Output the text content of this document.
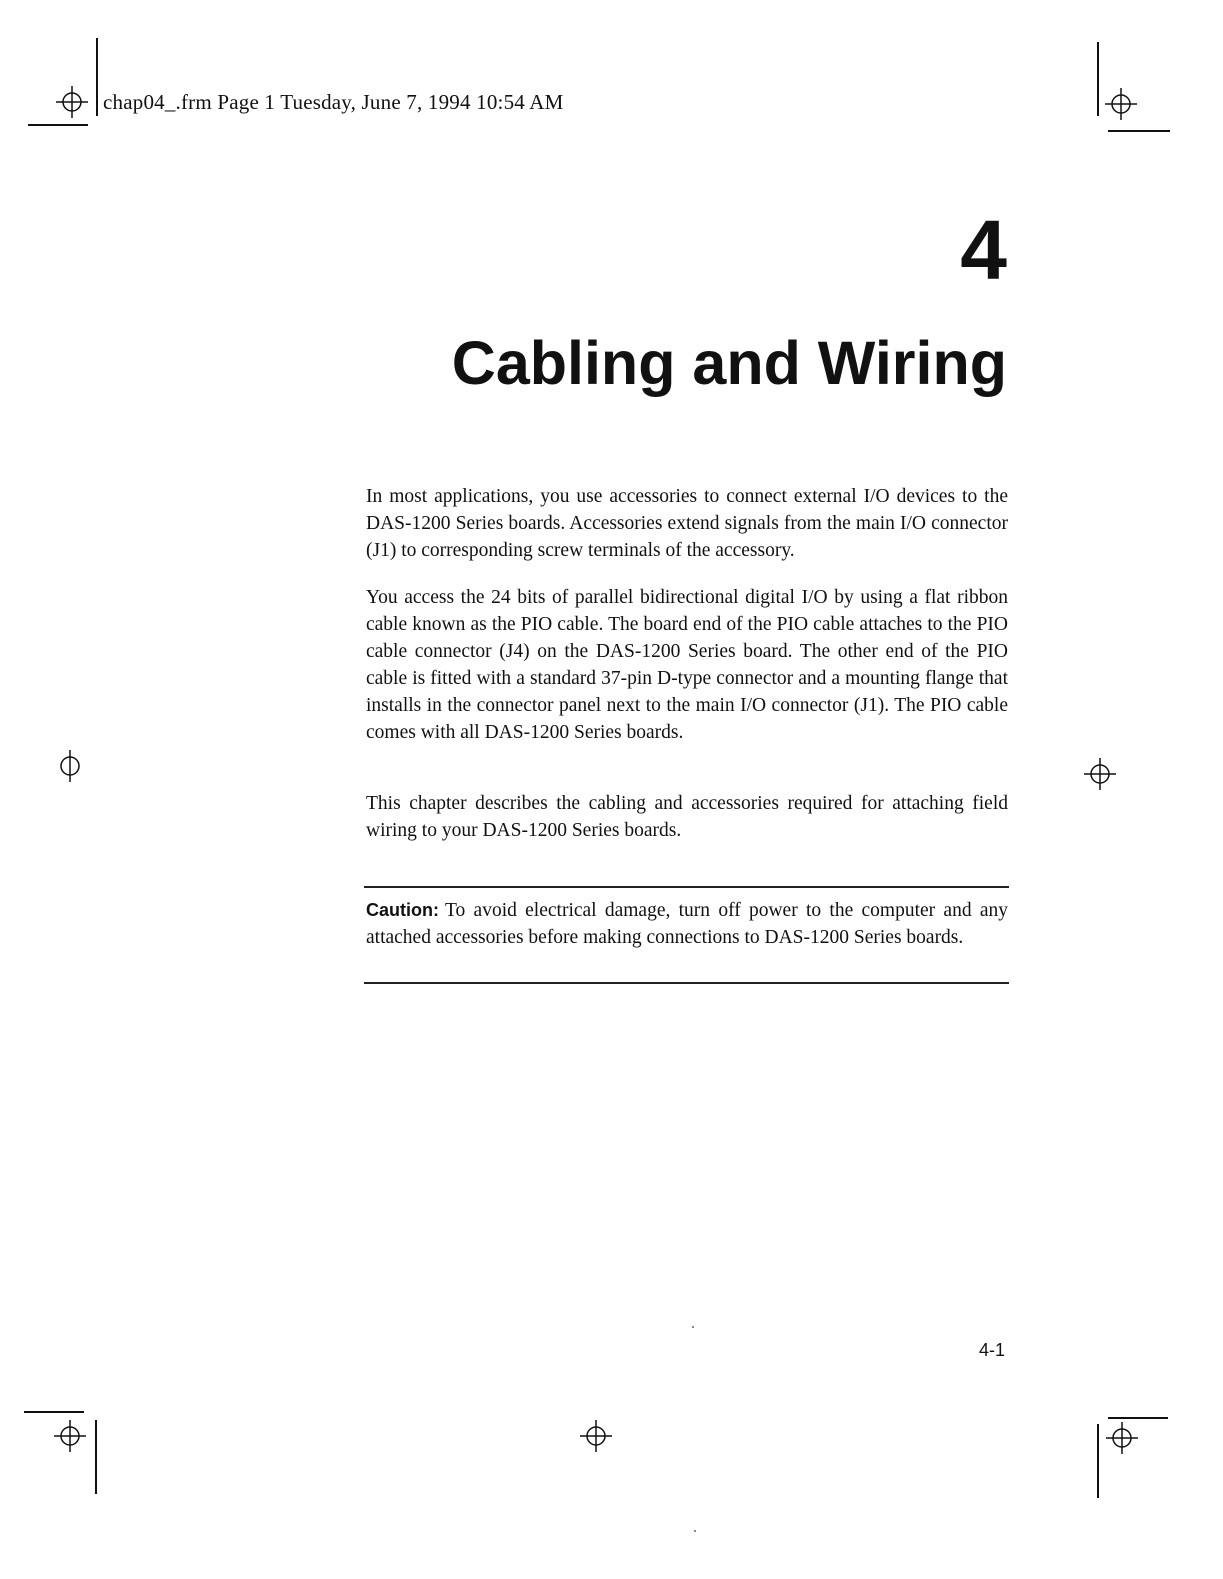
chap04_.frm Page 1 Tuesday, June 7, 1994 10:54 AM
4
Cabling and Wiring

In most applications, you use accessories to connect external I/O devices to the DAS-1200 Series boards. Accessories extend signals from the main I/O connector (J1) to corresponding screw terminals of the accessory.

You access the 24 bits of parallel bidirectional digital I/O by using a flat ribbon cable known as the PIO cable. The board end of the PIO cable attaches to the PIO cable connector (J4) on the DAS-1200 Series board. The other end of the PIO cable is fitted with a standard 37-pin D-type connector and a mounting flange that installs in the connector panel next to the main I/O connector (J1). The PIO cable comes with all DAS-1200 Series boards.

This chapter describes the cabling and accessories required for attaching field wiring to your DAS-1200 Series boards.

Caution: To avoid electrical damage, turn off power to the computer and any attached accessories before making connections to DAS-1200 Series boards.
4-1
